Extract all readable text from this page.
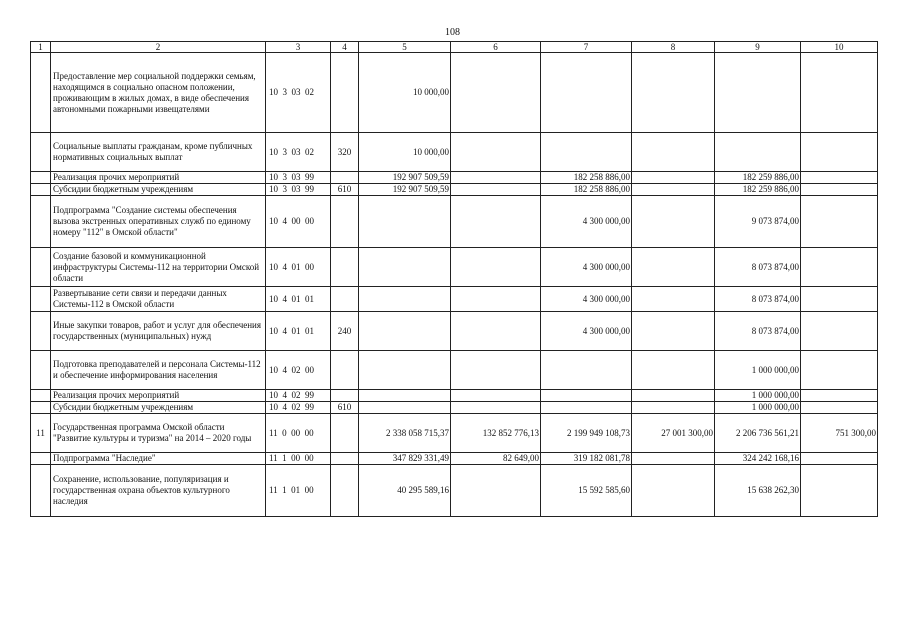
108
1	2	3	4	5	6	7	8	9	10
	Предоставление мер социальной поддержки семьям, находящимся в социально опасном положении, проживающим в жилых домах, в виде обеспечения автономными пожарными извещателями	10  3  03  02		10 000,00					
	Социальные выплаты гражданам, кроме публичных нормативных социальных выплат	10  3  03  02	320	10 000,00					
	Реализация прочих мероприятий	10  3  03  99		192 907 509,59		182 258 886,00		182 259 886,00	
	Субсидии бюджетным учреждениям	10  3  03  99	610	192 907 509,59		182 258 886,00		182 259 886,00	
	Подпрограмма "Создание системы обеспечения вызова экстренных оперативных служб по единому номеру "112" в Омской области"	10  4  00  00				4 300 000,00		9 073 874,00	
	Создание базовой и коммуникационной инфраструктуры Системы-112 на территории Омской области	10  4  01  00				4 300 000,00		8 073 874,00	
	Развертывание сети связи и передачи данных Системы-112 в Омской области	10  4  01  01				4 300 000,00		8 073 874,00	
	Иные закупки товаров, работ и услуг для обеспечения государственных (муниципальных) нужд	10  4  01  01	240			4 300 000,00		8 073 874,00	
	Подготовка преподавателей и персонала Системы-112 и обеспечение информирования населения	10  4  02  00						1 000 000,00	
	Реализация прочих мероприятий	10  4  02  99						1 000 000,00	
	Субсидии бюджетным учреждениям	10  4  02  99	610					1 000 000,00	
11	Государственная программа Омской области "Развитие культуры и туризма" на 2014 – 2020 годы	11  0  00  00		2 338 058 715,37	132 852 776,13	2 199 949 108,73	27 001 300,00	2 206 736 561,21	751 300,00
	Подпрограмма "Наследие"	11  1  00  00		347 829 331,49	82 649,00	319 182 081,78		324 242 168,16	
	Сохранение, использование, популяризация и государственная охрана объектов культурного наследия	11  1  01  00		40 295 589,16		15 592 585,60		15 638 262,30	
